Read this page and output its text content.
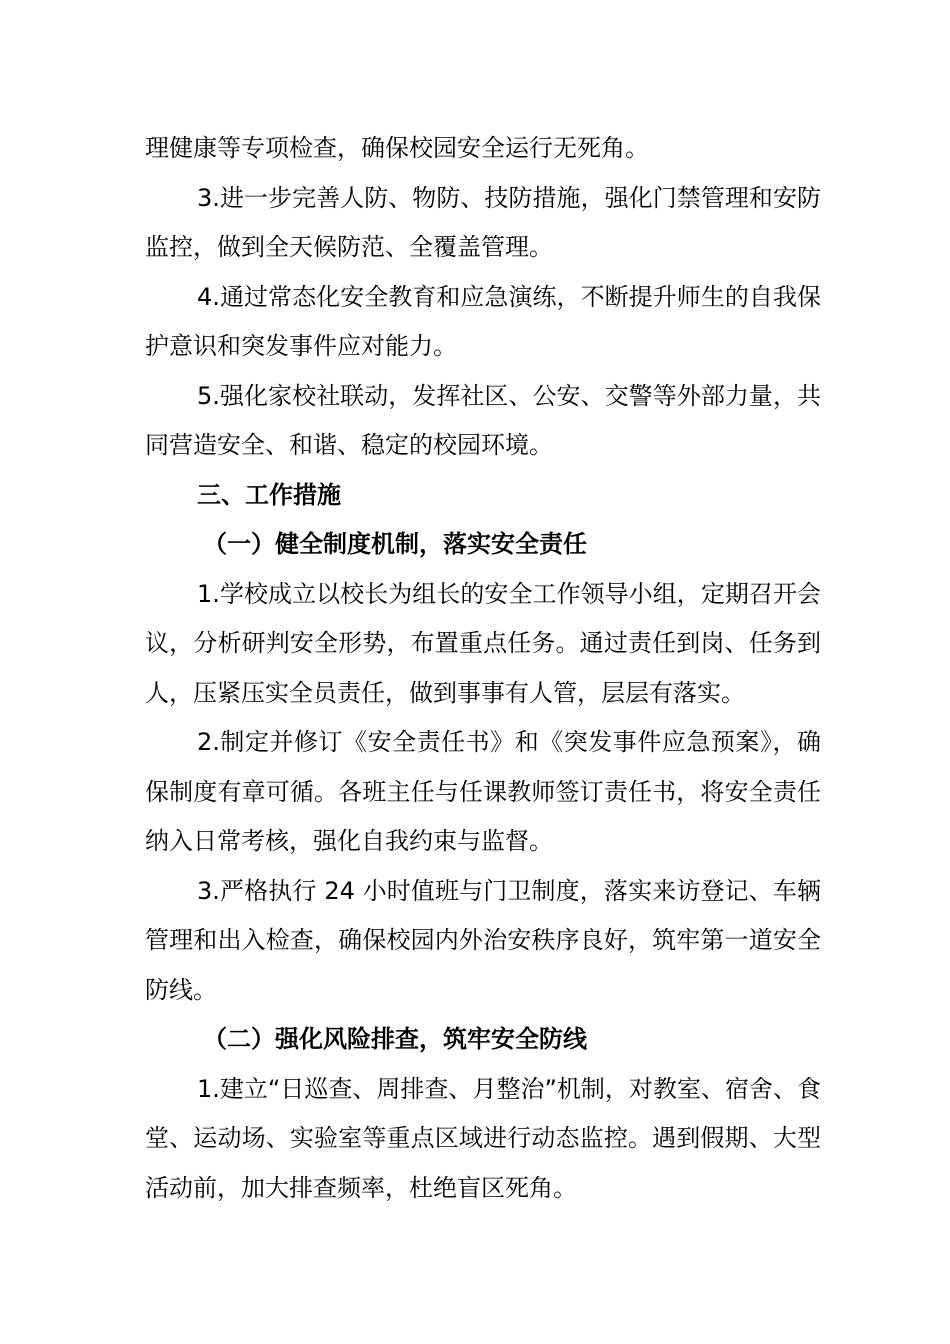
理健康等专项检查，确保校园安全运行无死角。

3.进一步完善人防、物防、技防措施，强化门禁管理和安防监控，做到全天候防范、全覆盖管理。

4.通过常态化安全教育和应急演练，不断提升师生的自我保护意识和突发事件应对能力。

5.强化家校社联动，发挥社区、公安、交警等外部力量，共同营造安全、和谐、稳定的校园环境。

三、工作措施

（一）健全制度机制，落实安全责任

1.学校成立以校长为组长的安全工作领导小组，定期召开会议，分析研判安全形势，布置重点任务。通过责任到岗、任务到人，压紧压实全员责任，做到事事有人管，层层有落实。

2.制定并修订《安全责任书》和《突发事件应急预案》，确保制度有章可循。各班主任与任课教师签订责任书，将安全责任纳入日常考核，强化自我约束与监督。

3.严格执行 24 小时值班与门卫制度，落实来访登记、车辆管理和出入检查，确保校园内外治安秩序良好，筑牢第一道安全防线。

（二）强化风险排查，筑牢安全防线

1.建立“日巡查、周排查、月整治”机制，对教室、宿舍、食堂、运动场、实验室等重点区域进行动态监控。遇到假期、大型活动前，加大排查频率，杜绝盲区死角。
